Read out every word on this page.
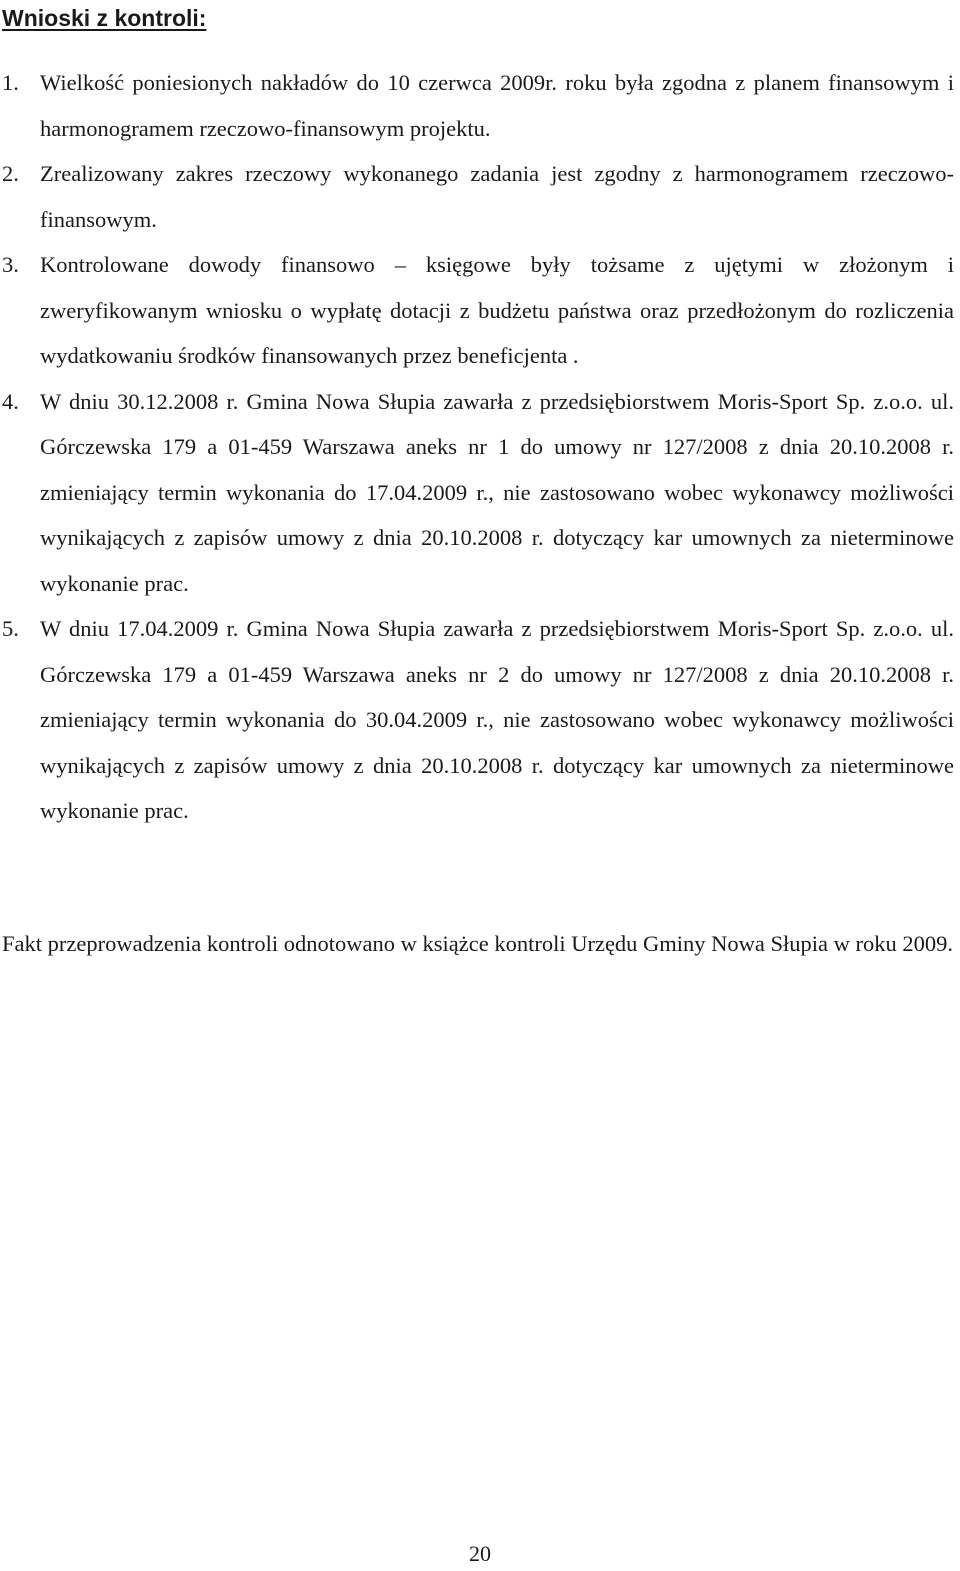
Wnioski z kontroli:
1. Wielkość poniesionych nakładów do 10 czerwca 2009r. roku była zgodna z planem finansowym i harmonogramem rzeczowo-finansowym projektu.
2. Zrealizowany zakres rzeczowy wykonanego zadania jest zgodny z harmonogramem rzeczowo-finansowym.
3. Kontrolowane dowody finansowo – księgowe były tożsame z ujętymi w złożonym i zweryfikowanym wniosku o wypłatę dotacji z budżetu państwa oraz przedłożonym do rozliczenia wydatkowaniu środków finansowanych przez beneficjenta .
4. W dniu 30.12.2008 r. Gmina Nowa Słupia zawarła z przedsiębiorstwem Moris-Sport Sp. z.o.o. ul. Górczewska 179 a 01-459 Warszawa aneks nr 1 do umowy nr 127/2008 z dnia 20.10.2008 r. zmieniający termin wykonania do 17.04.2009 r., nie zastosowano wobec wykonawcy możliwości wynikających z zapisów umowy z dnia 20.10.2008 r. dotyczący kar umownych za nieterminowe wykonanie prac.
5. W dniu 17.04.2009 r. Gmina Nowa Słupia zawarła z przedsiębiorstwem Moris-Sport Sp. z.o.o. ul. Górczewska 179 a 01-459 Warszawa aneks nr 2 do umowy nr 127/2008 z dnia 20.10.2008 r. zmieniający termin wykonania do 30.04.2009 r., nie zastosowano wobec wykonawcy możliwości wynikających z zapisów umowy z dnia 20.10.2008 r. dotyczący kar umownych za nieterminowe wykonanie prac.

Fakt przeprowadzenia kontroli odnotowano w książce kontroli Urzędu Gminy Nowa Słupia w roku 2009.

20
